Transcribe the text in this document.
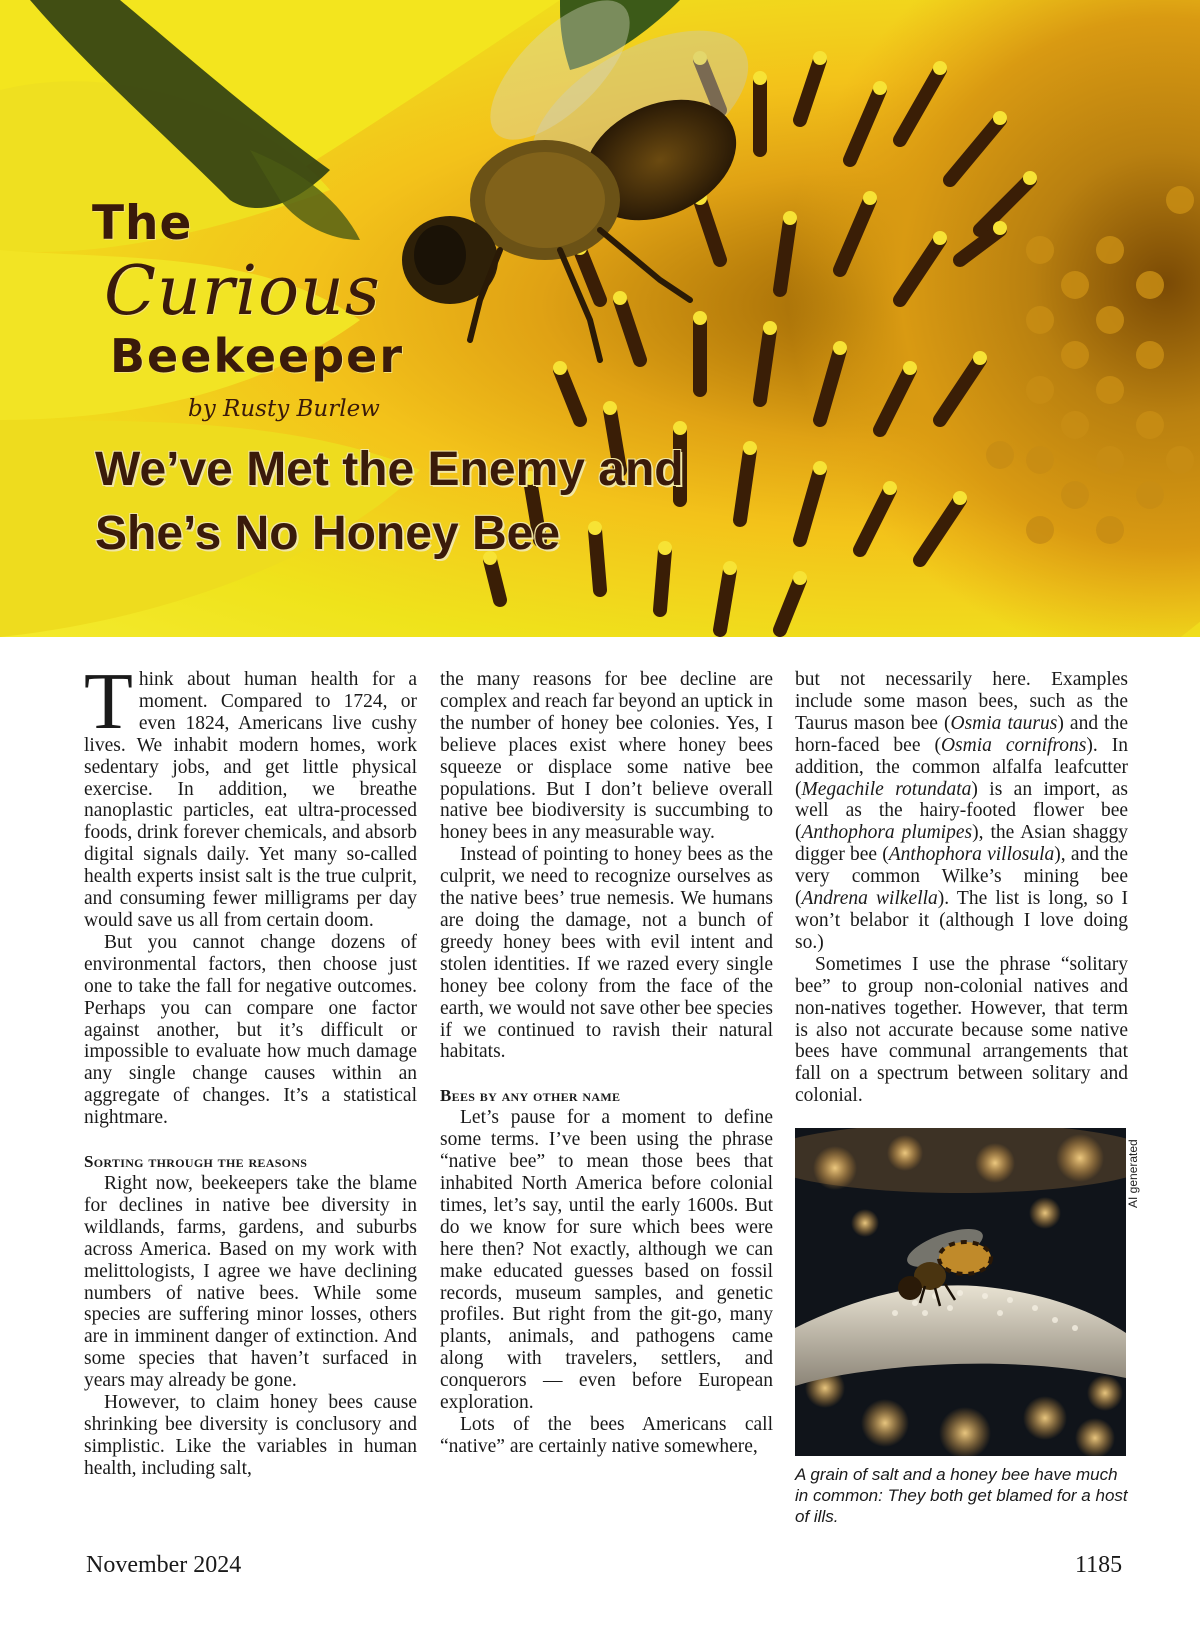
The

Curious

Beekeeper

by Rusty Burlew

We’ve Met the Enemy and
She’s No Honey Bee

Think about human health for a moment. Compared to 1724, or even 1824, Americans live cushy lives. We inhabit modern homes, work sedentary jobs, and get little physical exercise. In addition, we breathe nanoplastic particles, eat ultra-processed foods, drink forever chemicals, and absorb digital signals daily. Yet many so-called health experts insist salt is the true culprit, and consuming fewer milligrams per day would save us all from certain doom.

But you cannot change dozens of environmental factors, then choose just one to take the fall for negative outcomes. Perhaps you can compare one factor against another, but it’s difficult or impossible to evaluate how much damage any single change causes within an aggregate of changes. It’s a statistical nightmare.

Sorting through the reasons

Right now, beekeepers take the blame for declines in native bee diversity in wildlands, farms, gardens, and suburbs across America. Based on my work with melittologists, I agree we have declining numbers of native bees. While some species are suffering minor losses, others are in imminent danger of extinction. And some species that haven’t surfaced in years may already be gone.

However, to claim honey bees cause shrinking bee diversity is conclusory and simplistic. Like the variables in human health, including salt,

the many reasons for bee decline are complex and reach far beyond an uptick in the number of honey bee colonies. Yes, I believe places exist where honey bees squeeze or displace some native bee populations. But I don’t believe overall native bee biodiversity is succumbing to honey bees in any measurable way.

Instead of pointing to honey bees as the culprit, we need to recognize ourselves as the native bees’ true nemesis. We humans are doing the damage, not a bunch of greedy honey bees with evil intent and stolen identities. If we razed every single honey bee colony from the face of the earth, we would not save other bee species if we continued to ravish their natural habitats.

Bees by any other name

Let’s pause for a moment to define some terms. I’ve been using the phrase “native bee” to mean those bees that inhabited North America before colonial times, let’s say, until the early 1600s. But do we know for sure which bees were here then? Not exactly, although we can make educated guesses based on fossil records, museum samples, and genetic profiles. But right from the git-go, many plants, animals, and pathogens came along with travelers, settlers, and conquerors — even before European exploration.

Lots of the bees Americans call “native” are certainly native somewhere,

but not necessarily here. Examples include some mason bees, such as the Taurus mason bee (Osmia taurus) and the horn-faced bee (Osmia cornifrons). In addition, the common alfalfa leafcutter (Megachile rotundata) is an import, as well as the hairy-footed flower bee (Anthophora plumipes), the Asian shaggy digger bee (Anthophora villosula), and the very common Wilke’s mining bee (Andrena wilkella). The list is long, so I won’t belabor it (although I love doing so.)

Sometimes I use the phrase “solitary bee” to group non-colonial natives and non-natives together. However, that term is also not accurate because some native bees have communal arrangements that fall on a spectrum between solitary and colonial.

AI generated

A grain of salt and a honey bee have much in common: They both get blamed for a host of ills.

November 2024	1185
